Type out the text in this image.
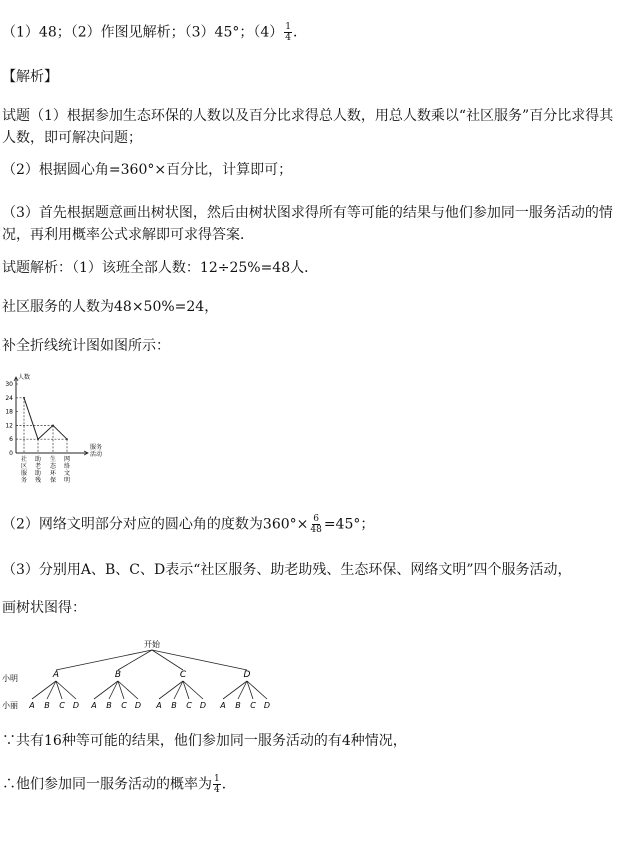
（1）48；（2）作图见解析；（3）45°；$(4) \frac{1}{4}$ ．
【解析】
试题（1）根据参加生态环保的人数以及百分比求得总人数，用总人数乘以“社区服务”百分比求得其人数，即可解决问题；
（2）根据圆心角=360°×百分比，计算即可；
（3）首先根据题意画出树状图，然后由树状图求得所有等可能的结果与他们参加同一服务活动的情况，再利用概率公式求解即可求得答案．
试题解析：（1）该班全部人数：12÷25%=48人．
社区服务的人数为48×50%=24，
补全折线统计图如图所示：
人数
0
6
12
18
24
30
社区服务
助老助残
生态环保
网络文明
服务活动
（2）网络文明部分对应的圆心角的度数为$360^\circ\times \frac{6}{48} =45^\circ$；
（3）分别用A、B、C、D表示“社区服务、助老助残、生态环保、网络文明”四个服务活动，
画树状图得：
开始
小明
小丽
A
A B C D
B
A B C D
C
A B C D
D
A B C D
∵共有16种等可能的结果，他们参加同一服务活动的有4种情况，
∴他们参加同一服务活动的概率为 $\frac{1}{4}$ ．
